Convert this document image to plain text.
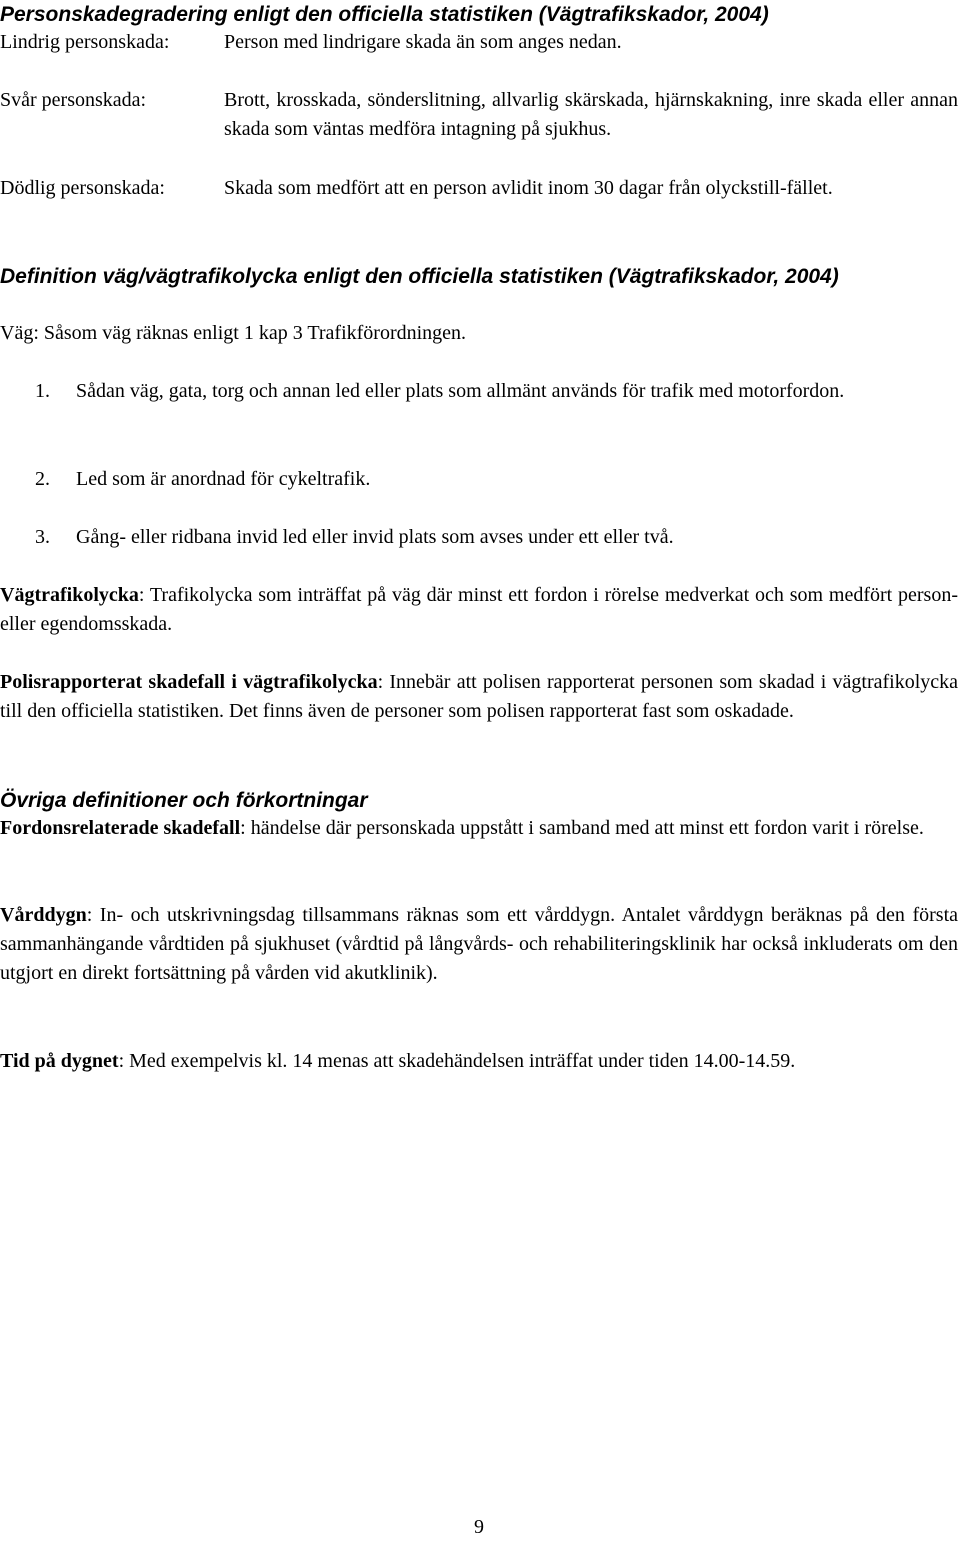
Personskadegradering enligt den officiella statistiken (Vägtrafikskador, 2004)
Lindrig personskada:	Person med lindrigare skada än som anges nedan.
Svår personskada:	Brott, krosskada, sönderslitning, allvarlig skärskada, hjärnskakning, inre skada eller annan skada som väntas medföra intagning på sjukhus.
Dödlig personskada:	Skada som medfört att en person avlidit inom 30 dagar från olyckstill-fället.
Definition väg/vägtrafikolycka enligt den officiella statistiken (Vägtrafikskador, 2004)

Väg: Såsom väg räknas enligt 1 kap 3 Trafikförordningen.

1. Sådan väg, gata, torg och annan led eller plats som allmänt används för trafik med motorfordon.
2. Led som är anordnad för cykeltrafik.
3. Gång- eller ridbana invid led eller invid plats som avses under ett eller två.

Vägtrafikolycka: Trafikolycka som inträffat på väg där minst ett fordon i rörelse medverkat och som medfört person- eller egendomsskada.

Polisrapporterat skadefall i vägtrafikolycka: Innebär att polisen rapporterat personen som skadad i vägtrafikolycka till den officiella statistiken. Det finns även de personer som polisen rapporterat fast som oskadade.

Övriga definitioner och förkortningar

Fordonsrelaterade skadefall: händelse där personskada uppstått i samband med att minst ett fordon varit i rörelse.

Vårddygn: In- och utskrivningsdag tillsammans räknas som ett vårddygn. Antalet vårddygn beräknas på den första sammanhängande vårdtiden på sjukhuset (vårdtid på långvårds- och rehabiliteringsklinik har också inkluderats om den utgjort en direkt fortsättning på vården vid akutklinik).

Tid på dygnet: Med exempelvis kl. 14 menas att skadehändelsen inträffat under tiden 14.00-14.59.

9
